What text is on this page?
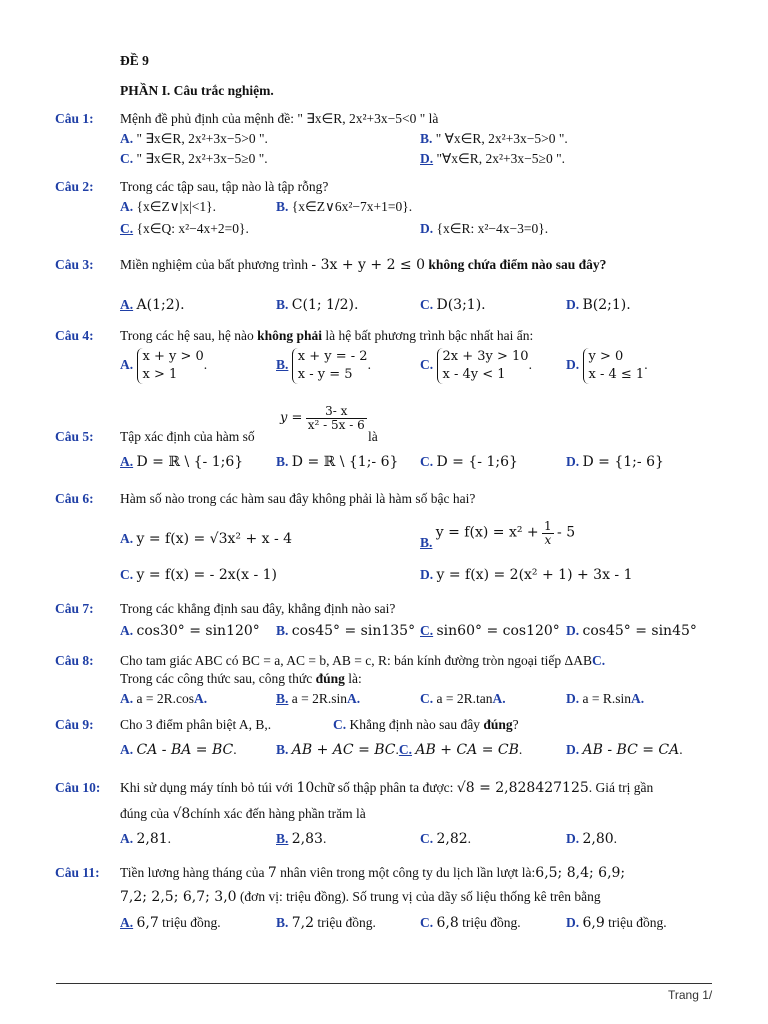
ĐỀ 9
PHẦN I. Câu trắc nghiệm.
Câu 1: Mệnh đề phủ định của mệnh đề: " ∃x∈R, 2x²+3x−5<0 " là
A. " ∃x∈R, 2x²+3x−5>0 ".	B. " ∀x∈R, 2x²+3x−5>0 ".
C. " ∃x∈R, 2x²+3x−5≥0 ".	D. "∀x∈R, 2x²+3x−5≥0 ".
Câu 2: Trong các tập sau, tập nào là tập rỗng?
A. {x∈Z∨|x|<1}.	B. {x∈Z∨6x²−7x+1=0}.
C. {x∈Q: x²−4x+2=0}.	D. {x∈R: x²−4x−3=0}.
Câu 3: Miền nghiệm của bất phương trình - 3x + y + 2 ≤ 0 không chứa điểm nào sau đây?
A. A(1;2).	B. C(1; 1/2).	C. D(3;1).	D. B(2;1).
Câu 4: Trong các hệ sau, hệ nào không phải là hệ bất phương trình bậc nhất hai ẩn:
A.
x + y > 0
x > 1
.	B.
x + y = - 2
x - y = 5
.	C.
2x + 3y > 10
x - 4y < 1
.	D.
y > 0
x - 4 ≤ 1
.
Câu 5: Tập xác định của hàm số
$y = \frac{3- x}{\text{x² - 5x - 6}}$
là
A. D = ℝ \ {- 1;6} B. D = ℝ \ {1;- 6} C. D = {- 1;6}	D. D = {1;- 6}
Câu 6: Hàm số nào trong các hàm sau đây không phải là hàm số bậc hai?
A. y = f(x) = √3x² + x - 4	B. $y = f(x) = x^2 + \frac{1}{x} - 5$
C. y = f(x) = - 2x(x - 1)	D. y = f(x) = 2(x² + 1) + 3x - 1
Câu 7: Trong các khẳng định sau đây, khẳng định nào sai?
A. cos30° = sin120° B. cos45° = sin135° C. sin60° = cos120° D. cos45° = sin45°
Câu 8: Cho tam giác ABC có BC = a, AC = b, AB = c, R: bán kính đường tròn ngoại tiếp ΔABC.
Trong các công thức sau, công thức đúng là:
A. a = 2R.cosA.	B. a = 2R.sinA.	C. a = 2R.tanA.	D. a = R.sinA.
Câu 9: Cho 3 điểm phân biệt A, B,.	C. Khẳng định nào sau đây đúng?
A. CA - BA = BC.	B. AB + AC = BC.C. AB + CA = CB.	D. AB - BC = CA.
Câu 10: Khi sử dụng máy tính bỏ túi với 10chữ số thập phân ta được: √8 = 2,828427125. Giá trị gần
đúng của √8chính xác đến hàng phần trăm là
A. 2,81.	B. 2,83.	C. 2,82.	D. 2,80.
Câu 11: Tiền lương hàng tháng của 7 nhân viên trong một công ty du lịch lần lượt là:6,5; 8,4; 6,9;
7,2; 2,5; 6,7; 3,0 (đơn vị: triệu đồng). Số trung vị của dãy số liệu thống kê trên bằng
A. 6,7 triệu đồng.	B. 7,2 triệu đồng.	C. 6,8 triệu đồng.	D. 6,9 triệu đồng.
Trang 1/
